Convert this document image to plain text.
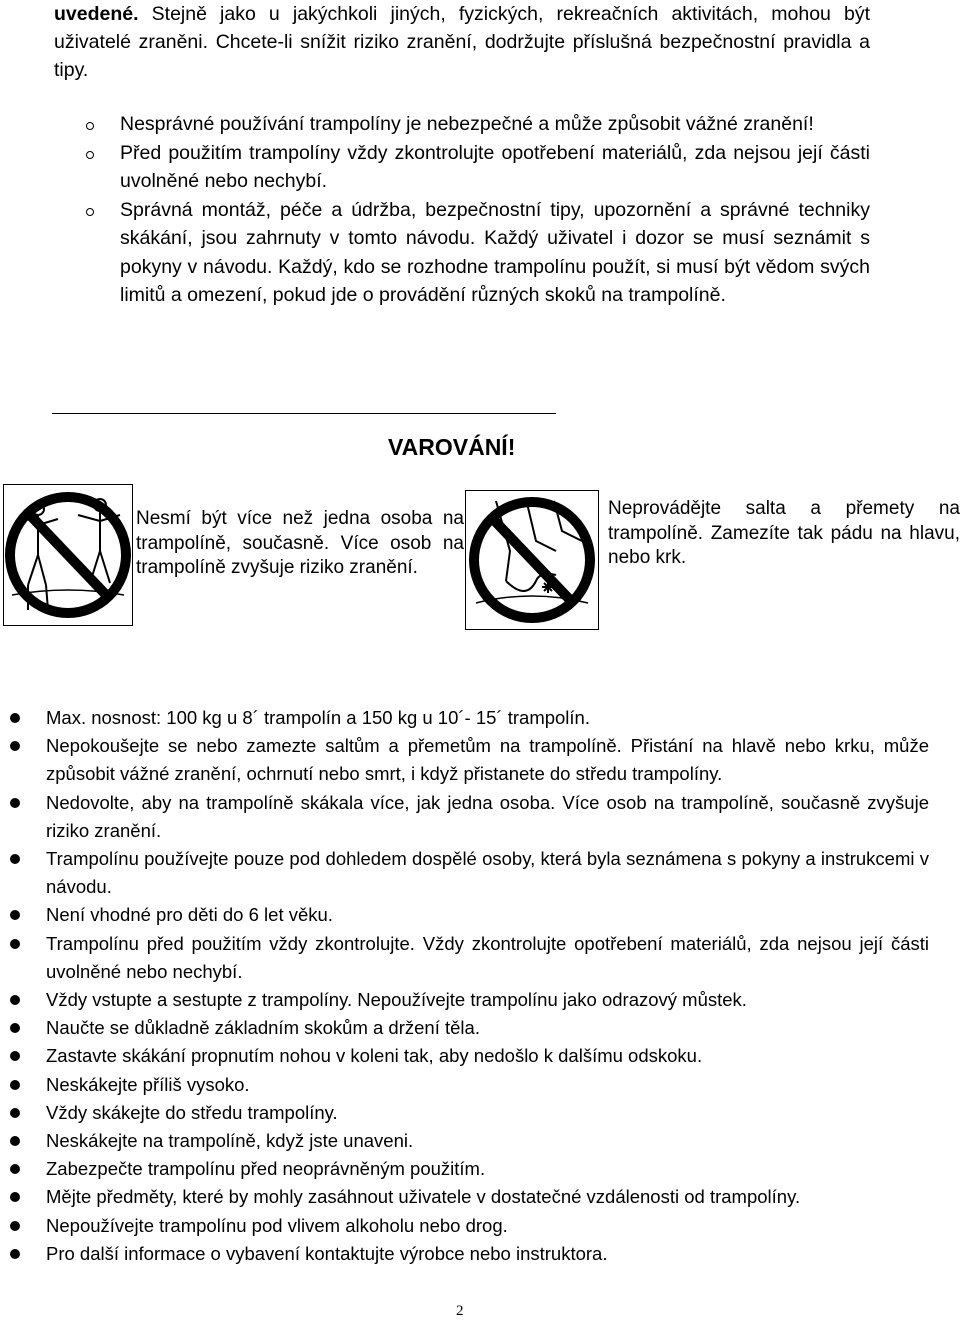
uvedené. Stejně jako u jakýchkoli jiných, fyzických, rekreačních aktivitách, mohou být uživatelé zraněni. Chcete-li snížit riziko zranění, dodržujte příslušná bezpečnostní pravidla a tipy.
Nesprávné používání trampolíny je nebezpečné a může způsobit vážné zranění!
Před použitím trampolíny vždy zkontrolujte opotřebení materiálů, zda nejsou její části uvolněné nebo nechybí.
Správná montáž, péče a údržba, bezpečnostní tipy, upozornění a správné techniky skákání, jsou zahrnuty v tomto návodu. Každý uživatel i dozor se musí seznámit s pokyny v návodu. Každý, kdo se rozhodne trampolínu použít, si musí být vědom svých limitů a omezení, pokud jde o provádění různých skoků na trampolíně.
VAROVÁNÍ!
Nesmí být více než jedna osoba na trampolíně, současně. Více osob na trampolíně zvyšuje riziko zranění.
Neprovádějte salta a přemety na trampolíně. Zamezíte tak pádu na hlavu, nebo krk.
Max. nosnost: 100 kg u 8´ trampolín a 150 kg u 10´- 15´ trampolín.
Nepokoušejte se nebo zamezte saltům a přemetům na trampolíně. Přistání na hlavě nebo krku, může způsobit vážné zranění, ochrnutí nebo smrt, i když přistanete do středu trampolíny.
Nedovolte, aby na trampolíně skákala více, jak jedna osoba. Více osob na trampolíně, současně zvyšuje riziko zranění.
Trampolínu používejte pouze pod dohledem dospělé osoby, která byla seznámena s pokyny a instrukcemi v návodu.
Není vhodné pro děti do 6 let věku.
Trampolínu před použitím vždy zkontrolujte. Vždy zkontrolujte opotřebení materiálů, zda nejsou její části uvolněné nebo nechybí.
Vždy vstupte a sestupte z trampolíny. Nepoužívejte trampolínu jako odrazový můstek.
Naučte se důkladně základním skokům a držení těla.
Zastavte skákání propnutím nohou v koleni tak, aby nedošlo k dalšímu odskoku.
Neskákejte příliš vysoko.
Vždy skákejte do středu trampolíny.
Neskákejte na trampolíně, když jste unaveni.
Zabezpečte trampolínu před neoprávněným použitím.
Mějte předměty, které by mohly zasáhnout uživatele v dostatečné vzdálenosti od trampolíny.
Nepoužívejte trampolínu pod vlivem alkoholu nebo drog.
Pro další informace o vybavení kontaktujte výrobce nebo instruktora.
2
